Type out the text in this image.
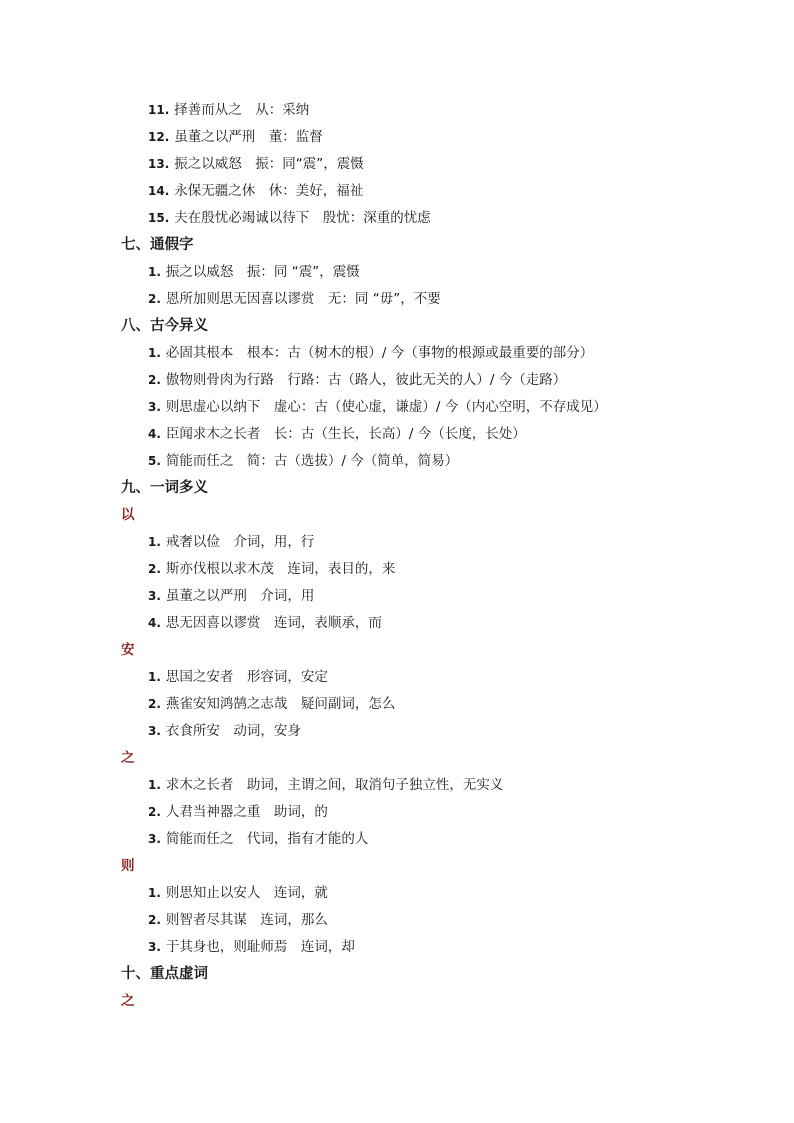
11. 择善而从之　从：采纳
12. 虽董之以严刑　董：监督
13. 振之以威怒　振：同“震”，震慑
14. 永保无疆之休　休：美好，福祉
15. 夫在殷忧必竭诚以待下　殷忧：深重的忧虑
七、通假字
1. 振之以威怒　振：同 “震”，震慑
2. 恩所加则思无因喜以谬赏　无：同 “毋”，不要
八、古今异义
1. 必固其根本　根本：古（树木的根）/ 今（事物的根源或最重要的部分）
2. 傲物则骨肉为行路　行路：古（路人，彼此无关的人）/ 今（走路）
3. 则思虚心以纳下　虚心：古（使心虚，谦虚）/ 今（内心空明，不存成见）
4. 臣闻求木之长者　长：古（生长，长高）/ 今（长度，长处）
5. 简能而任之　简：古（选拔）/ 今（简单，简易）
九、一词多义
以
1. 戒奢以俭　介词，用，行
2. 斯亦伐根以求木茂　连词，表目的，来
3. 虽董之以严刑　介词，用
4. 思无因喜以谬赏　连词，表顺承，而
安
1. 思国之安者　形容词，安定
2. 燕雀安知鸿鹄之志哉　疑问副词，怎么
3. 衣食所安　动词，安身
之
1. 求木之长者　助词，主谓之间，取消句子独立性，无实义
2. 人君当神器之重　助词，的
3. 简能而任之　代词，指有才能的人
则
1. 则思知止以安人　连词，就
2. 则智者尽其谋　连词，那么
3. 于其身也，则耻师焉　连词，却
十、重点虚词
之
